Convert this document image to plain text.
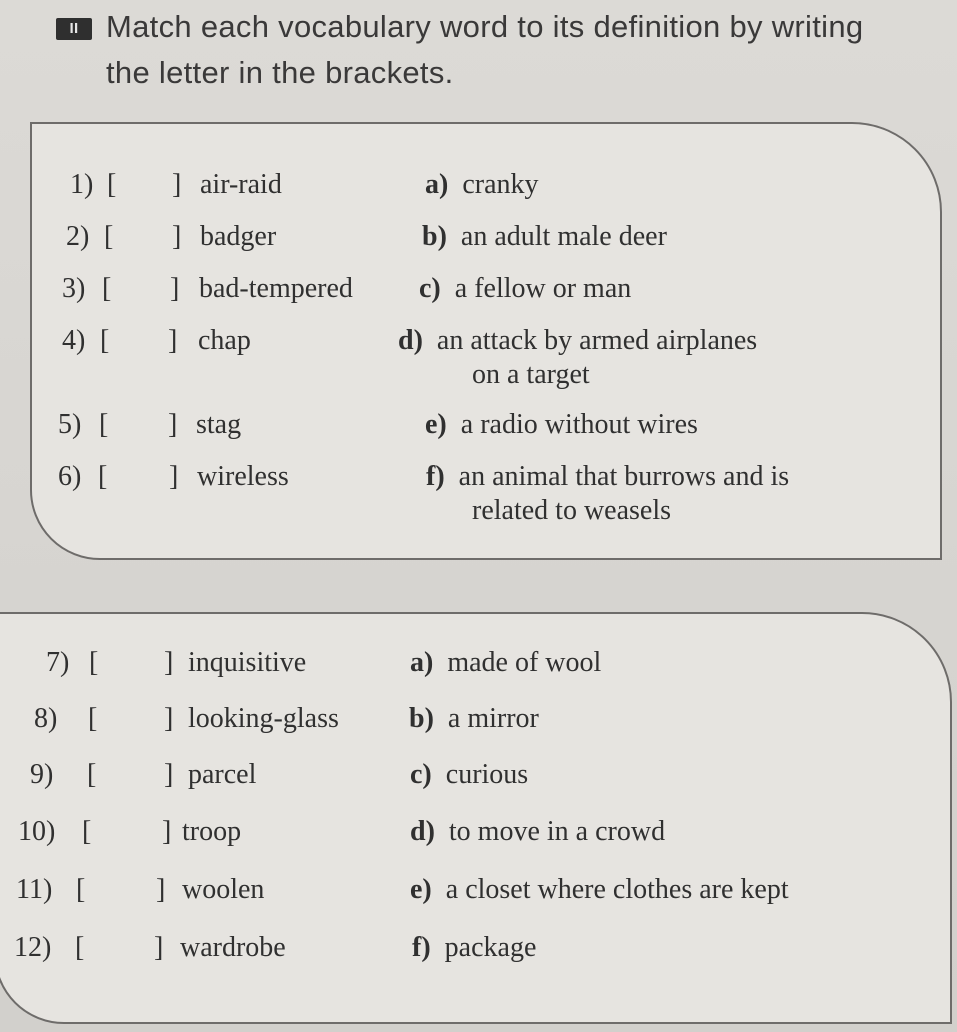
II Match each vocabulary word to its definition by writing
the letter in the brackets.
1) [ ] air-raid	a) cranky
2) [ ] badger	b) an adult male deer
3) [ ] bad-tempered c) a fellow or man
4) [ ] chap	d) an attack by armed airplanes
on a target
5) [ ] stag	e) a radio without wires
6) [ ] wireless	f) an animal that burrows and is
related to weasels
7) [ ] inquisitive	a) made of wool
8) [ ] looking-glass	b) a mirror
9) [ ] parcel	c) curious
10) [	] troop	d) to move in a crowd
11) [	] woolen	e) a closet where clothes are kept
12) [ ] wardrobe	f) package
